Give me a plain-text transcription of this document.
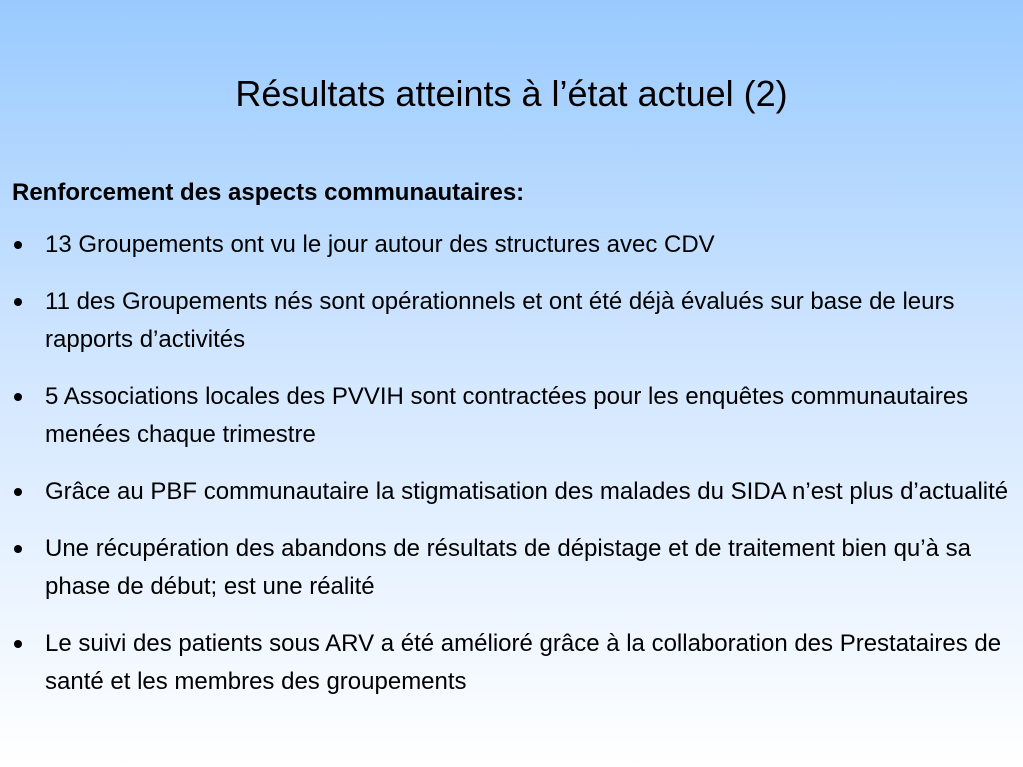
Résultats atteints à l’état actuel (2)
Renforcement des aspects communautaires:
13 Groupements ont vu le jour autour des structures avec CDV
11 des Groupements nés sont opérationnels et ont été déjà évalués sur base de leurs rapports d’activités
5 Associations locales des PVVIH sont contractées pour les enquêtes communautaires menées chaque trimestre
Grâce au PBF communautaire la stigmatisation des malades du SIDA n’est plus d’actualité
Une récupération des abandons de résultats de dépistage et de traitement bien qu’à sa phase de début; est une réalité
Le suivi des patients sous ARV a été amélioré grâce à la collaboration des Prestataires de santé et les membres des groupements
